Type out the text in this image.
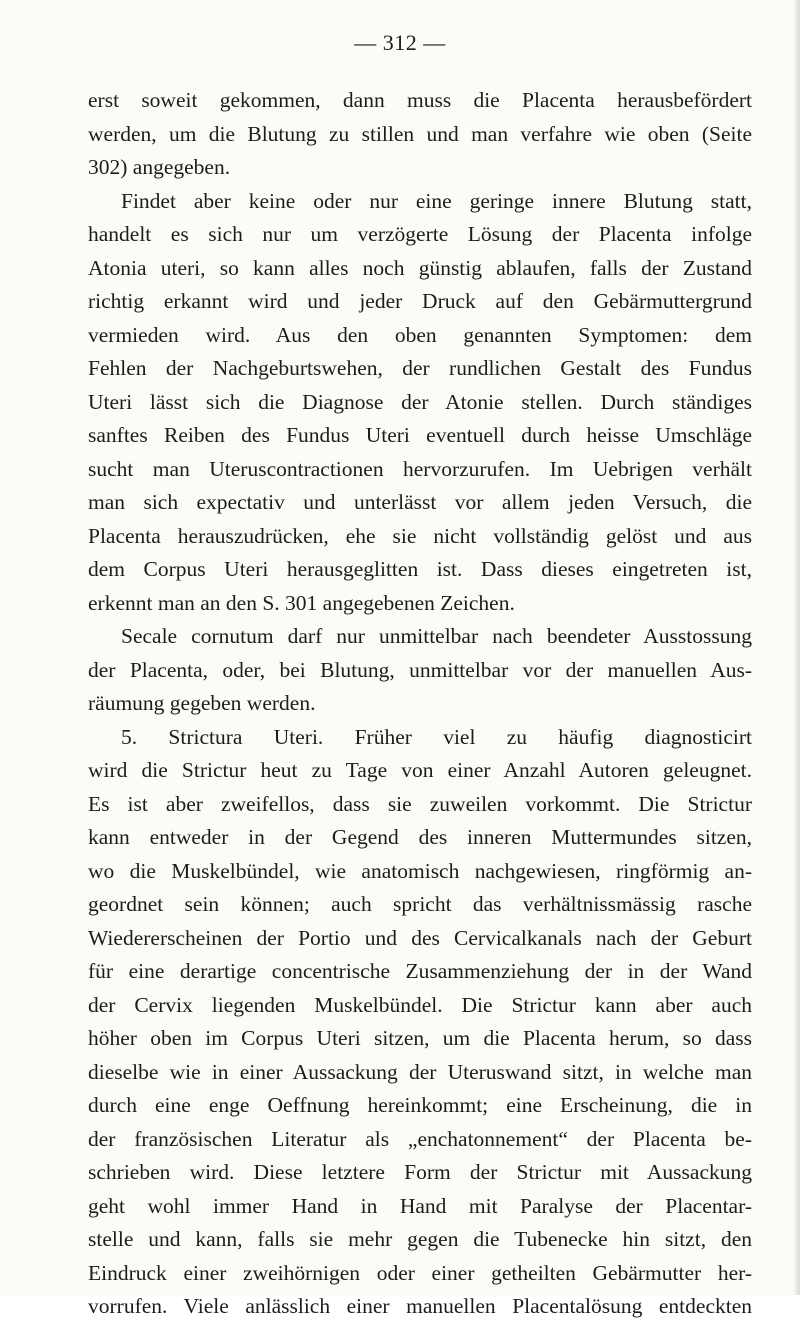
— 312 —
erst soweit gekommen, dann muss die Placenta herausbefördert
werden, um die Blutung zu stillen und man verfahre wie oben (Seite
302) angegeben.
Findet aber keine oder nur eine geringe innere Blutung statt,
handelt es sich nur um verzögerte Lösung der Placenta infolge
Atonia uteri, so kann alles noch günstig ablaufen, falls der Zustand
richtig erkannt wird und jeder Druck auf den Gebärmuttergrund
vermieden wird. Aus den oben genannten Symptomen: dem
Fehlen der Nachgeburtswehen, der rundlichen Gestalt des Fundus
Uteri lässt sich die Diagnose der Atonie stellen. Durch ständiges
sanftes Reiben des Fundus Uteri eventuell durch heisse Umschläge
sucht man Uteruscontractionen hervorzurufen. Im Uebrigen verhält
man sich expectativ und unterlässt vor allem jeden Versuch, die
Placenta herauszudrücken, ehe sie nicht vollständig gelöst und aus
dem Corpus Uteri herausgeglitten ist. Dass dieses eingetreten ist,
erkennt man an den S. 301 angegebenen Zeichen.
Secale cornutum darf nur unmittelbar nach beendeter Ausstossung
der Placenta, oder, bei Blutung, unmittelbar vor der manuellen Aus-
räumung gegeben werden.
5. Strictura Uteri. Früher viel zu häufig diagnosticirt
wird die Strictur heut zu Tage von einer Anzahl Autoren geleugnet.
Es ist aber zweifellos, dass sie zuweilen vorkommt. Die Strictur
kann entweder in der Gegend des inneren Muttermundes sitzen,
wo die Muskelbündel, wie anatomisch nachgewiesen, ringförmig an-
geordnet sein können; auch spricht das verhältnissmässig rasche
Wiedererscheinen der Portio und des Cervicalkanals nach der Geburt
für eine derartige concentrische Zusammenziehung der in der Wand
der Cervix liegenden Muskelbündel. Die Strictur kann aber auch
höher oben im Corpus Uteri sitzen, um die Placenta herum, so dass
dieselbe wie in einer Aussackung der Uteruswand sitzt, in welche man
durch eine enge Oeffnung hereinkommt; eine Erscheinung, die in
der französischen Literatur als „enchatonnement“ der Placenta be-
schrieben wird. Diese letztere Form der Strictur mit Aussackung
geht wohl immer Hand in Hand mit Paralyse der Placentar-
stelle und kann, falls sie mehr gegen die Tubenecke hin sitzt, den
Eindruck einer zweihörnigen oder einer getheilten Gebärmutter her-
vorrufen. Viele anlässlich einer manuellen Placentalösung entdeckten
